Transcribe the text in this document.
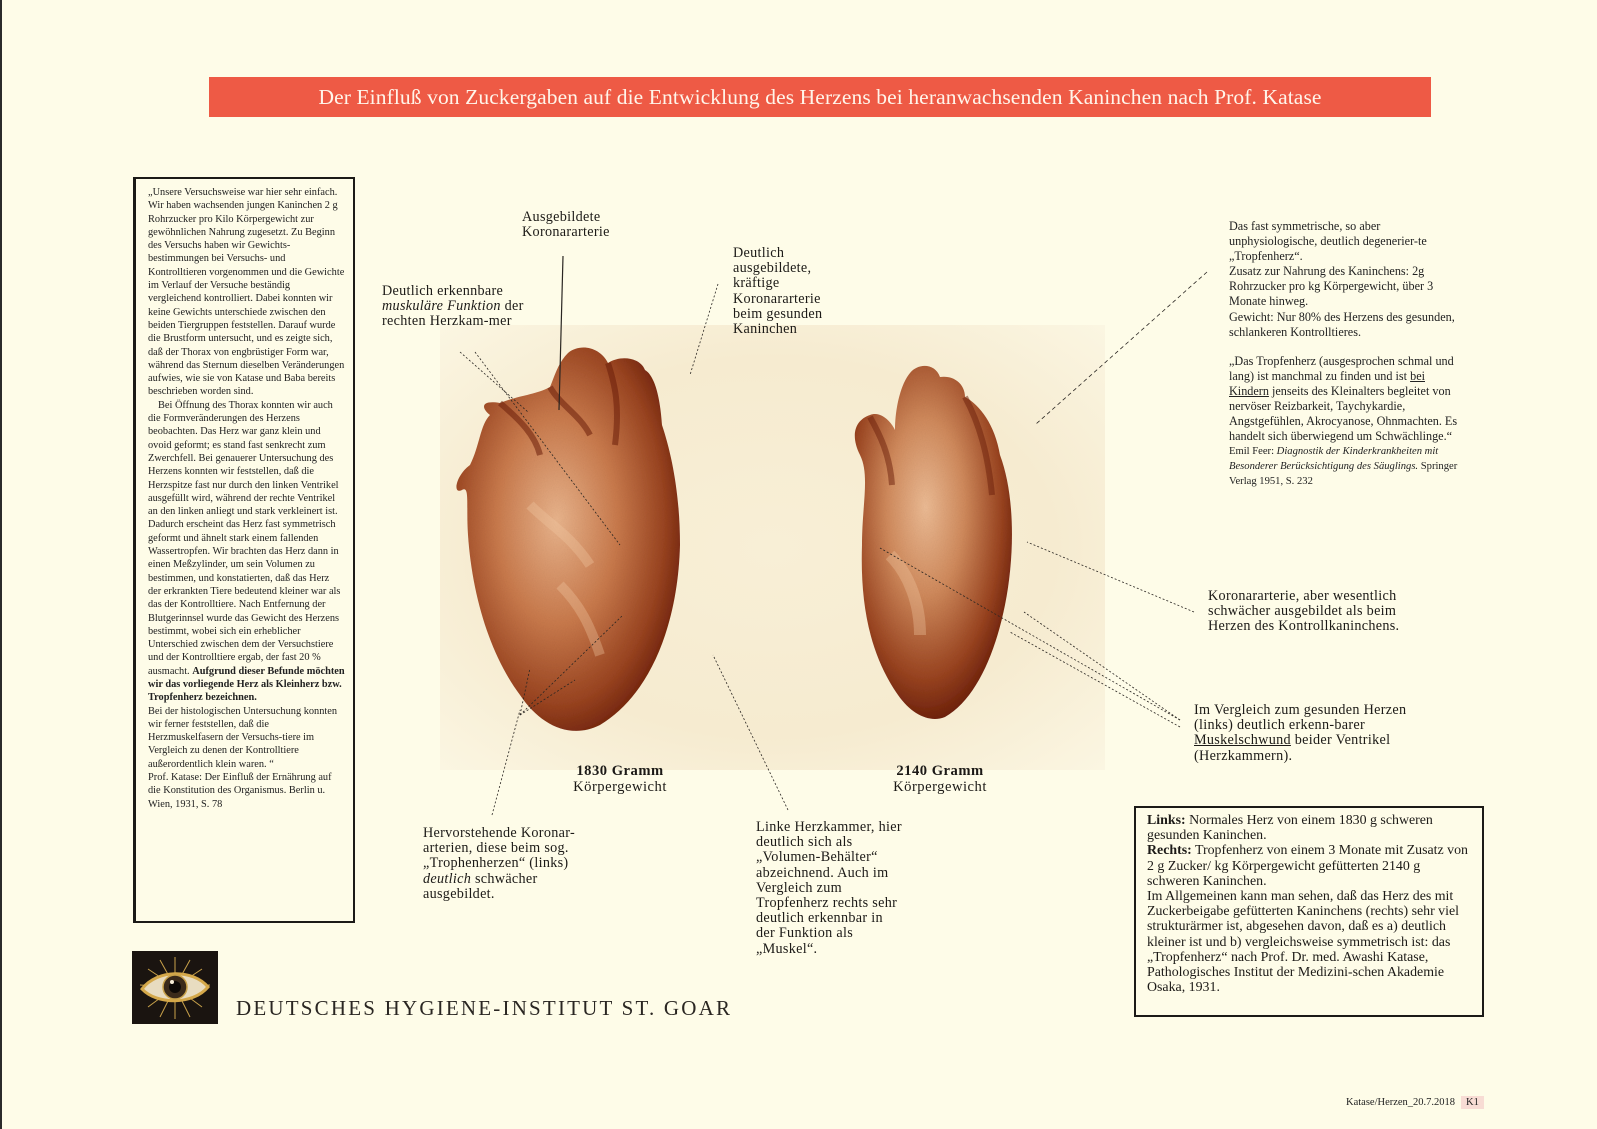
Der Einfluß von Zuckergaben auf die Entwicklung des Herzens bei heranwachsenden Kaninchen nach Prof. Katase

„Unsere Versuchsweise war hier sehr einfach. Wir haben wachsenden jungen Kaninchen 2 g Rohrzucker pro Kilo Körpergewicht zur gewöhnlichen Nahrung zugesetzt. Zu Beginn des Versuchs haben wir Gewichts-bestimmungen bei Versuchs- und Kontrolltieren vorgenommen und die Gewichte im Verlauf der Versuche beständig vergleichend kontrolliert. Dabei konnten wir keine Gewichts unterschiede zwischen den beiden Tiergruppen feststellen. Darauf wurde die Brustform untersucht, und es zeigte sich, daß der Thorax von engbrüstiger Form war, während das Sternum dieselben Veränderungen aufwies, wie sie von Katase und Baba bereits beschrieben worden sind.

Bei Öffnung des Thorax konnten wir auch die Formveränderungen des Herzens beobachten. Das Herz war ganz klein und ovoid geformt; es stand fast senkrecht zum Zwerchfell. Bei genauerer Untersuchung des Herzens konnten wir feststellen, daß die Herzspitze fast nur durch den linken Ventrikel ausgefüllt wird, während der rechte Ventrikel an den linken anliegt und stark verkleinert ist. Dadurch erscheint das Herz fast symmetrisch geformt und ähnelt stark einem fallenden Wassertropfen. Wir brachten das Herz dann in einen Meßzylinder, um sein Volumen zu bestimmen, und konstatierten, daß das Herz der erkrankten Tiere bedeutend kleiner war als das der Kontrolltiere. Nach Entfernung der Blutgerinnsel wurde das Gewicht des Herzens bestimmt, wobei sich ein erheblicher Unterschied zwischen dem der Versuchstiere und der Kontrolltiere ergab, der fast 20 % ausmacht. Aufgrund dieser Befunde möchten wir das vorliegende Herz als Kleinherz bzw. Tropfenherz bezeichnen.

Bei der histologischen Untersuchung konnten wir ferner feststellen, daß die Herzmuskelfasern der Versuchs-tiere im Vergleich zu denen der Kontrolltiere außerordentlich klein waren. “

Prof. Katase: Der Einfluß der Ernährung auf die Konstitution des Organismus. Berlin u. Wien, 1931, S. 78

1830 Gramm
Körpergewicht
2140 Gramm
Körpergewicht
Ausgebildete Koronararterie
Deutlich erkennbare muskuläre Funktion der rechten Herzkam-mer
Deutlich ausgebildete, kräftige Koronararterie beim gesunden Kaninchen
Hervorstehende Koronar-arterien, diese beim sog. „Trophenherzen“ (links) deutlich schwächer ausgebildet.
Linke Herzkammer, hier deutlich sich als „Volumen-Behälter“ abzeichnend. Auch im Vergleich zum Tropfenherz rechts sehr deutlich erkennbar in der Funktion als „Muskel“.
Koronararterie, aber wesentlich schwächer ausgebildet als beim Herzen des Kontrollkaninchens.
Im Vergleich zum gesunden Herzen (links) deutlich erkenn-barer Muskelschwund beider Ventrikel (Herzkammern).

Das fast symmetrische, so aber unphysiologische, deutlich degenerier-te „Tropfenherz“.

Zusatz zur Nahrung des Kaninchens: 2g Rohrzucker pro kg Körpergewicht, über 3 Monate hinweg.

Gewicht: Nur 80% des Herzens des gesunden, schlankeren Kontrolltieres.

„Das Tropfenherz (ausgesprochen schmal und lang) ist manchmal zu finden und ist bei Kindern jenseits des Kleinalters begleitet von nervöser Reizbarkeit, Taychykardie, Angstgefühlen, Akrocyanose, Ohnmachten. Es handelt sich überwiegend um Schwächlinge.“

Emil Feer: Diagnostik der Kinderkrankheiten mit Besonderer Berücksichtigung des Säuglings. Springer Verlag 1951, S. 232

Links: Normales Herz von einem 1830 g schweren gesunden Kaninchen.

Rechts: Tropfenherz von einem 3 Monate mit Zusatz von 2 g Zucker/ kg Körpergewicht gefütterten 2140 g schweren Kaninchen.

Im Allgemeinen kann man sehen, daß das Herz des mit Zuckerbeigabe gefütterten Kaninchens (rechts) sehr viel strukturärmer ist, abgesehen davon, daß es a) deutlich kleiner ist und b) vergleichsweise symmetrisch ist: das „Tropfenherz“ nach Prof. Dr. med. Awashi Katase, Pathologisches Institut der Medizini-schen Akademie Osaka, 1931.

DEUTSCHES HYGIENE-INSTITUT ST. GOAR
Katase/Herzen_20.7.2018 K1
